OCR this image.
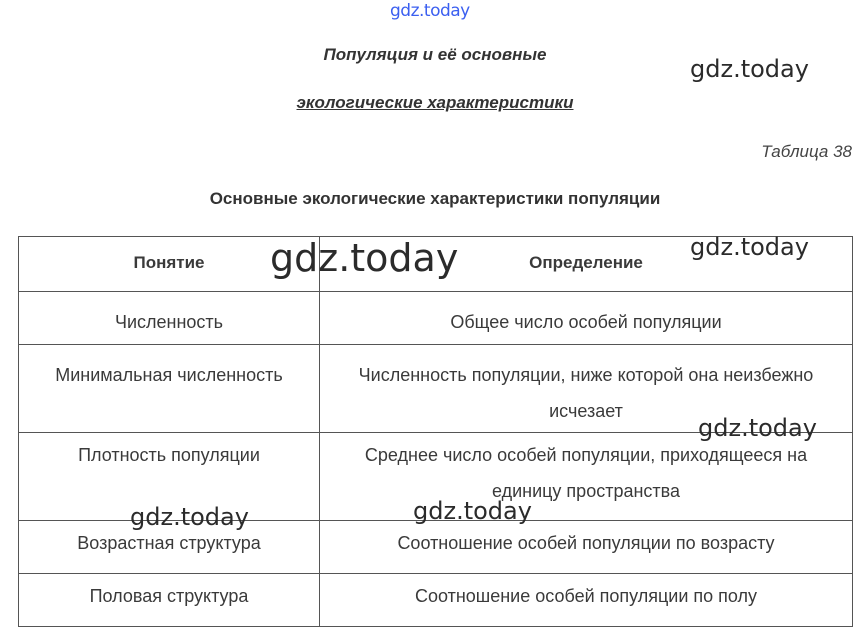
gdz.today
Популяция и её основные
экологические характеристики
gdz.today
Таблица 38
Основные экологические характеристики популяции
Понятие	Определение
Численность	Общее число особей популяции
Минимальная численность	Численность популяции, ниже которой она неизбежно исчезает
Плотность популяции	Среднее число особей популяции, приходящееся на единицу пространства
Возрастная структура	Соотношение особей популяции по возрасту
Половая структура	Соотношение особей популяции по полу
gdz.today	gdz.today
gdz.today
gdz.today	gdz.today
